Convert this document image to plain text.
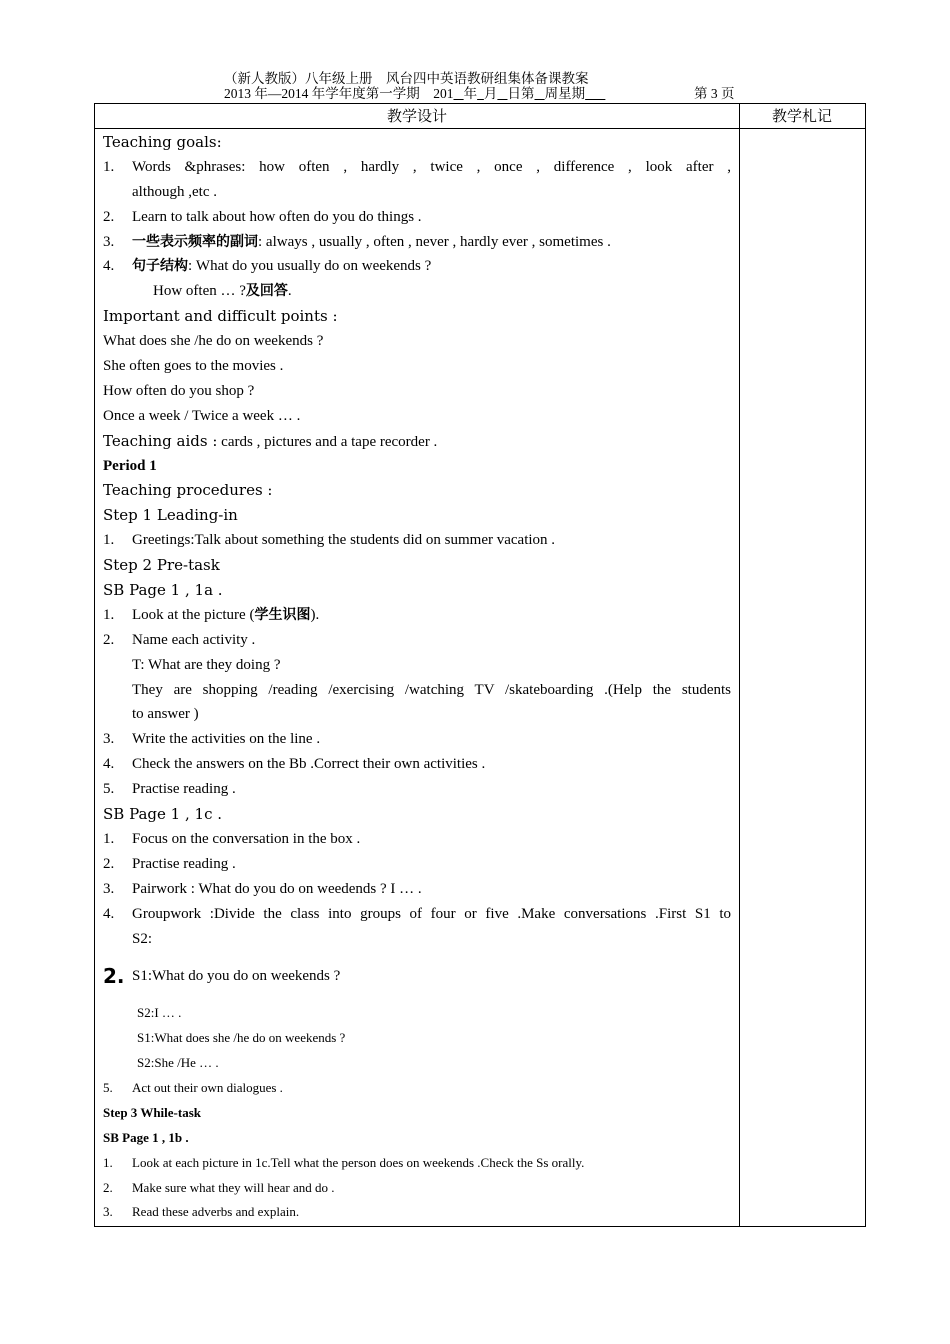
（新人教版）八年级上册　风台四中英语教研组集体备课教案
2013 年—2014 年学年度第一学期　201 年 月 日第 周星期	第 3 页
教学设计	教学札记
Teaching goals:
1.	Words &phrases: how often , hardly , twice , once , difference , look after ,
although ,etc .
2.	Learn to talk about how often do you do things .
3.	一些表示频率的副词: always , usually , often , never , hardly ever , sometimes .
4.	句子结构: What do you usually do on weekends ?
How often … ?及回答.
Important and difficult points :
What does she /he do on weekends ?
She often goes to the movies .
How often do you shop ?
Once a week / Twice a week … .
Teaching aids : cards , pictures and a tape recorder .
Period 1
Teaching procedures :
Step 1 Leading-in
1.	Greetings:Talk about something the students did on summer vacation .
Step 2 Pre-task
SB Page 1 , 1a .
1.	Look at the picture (学生识图).
2.	Name each activity .
T: What are they doing ?
They are shopping /reading /exercising /watching TV /skateboarding .(Help the students
to answer )
3.	Write the activities on the line .
4.	Check the answers on the Bb .Correct their own activities .
5.	Practise reading .
SB Page 1 , 1c .
1.	Focus on the conversation in the box .
2.	Practise reading .
3.	Pairwork : What do you do on weedends ? I … .
4.	Groupwork :Divide the class into groups of four or five .Make conversations .First S1 to
S2:
2. S1:What do you do on weekends ?
S2:I … .
S1:What does she /he do on weekends ?
S2:She /He … .
5.	Act out their own dialogues .
Step 3 While-task
SB Page 1 , 1b .
1.	Look at each picture in 1c.Tell what the person does on weekends .Check the Ss orally.
2.	Make sure what they will hear and do .
3.	Read these adverbs and explain.
